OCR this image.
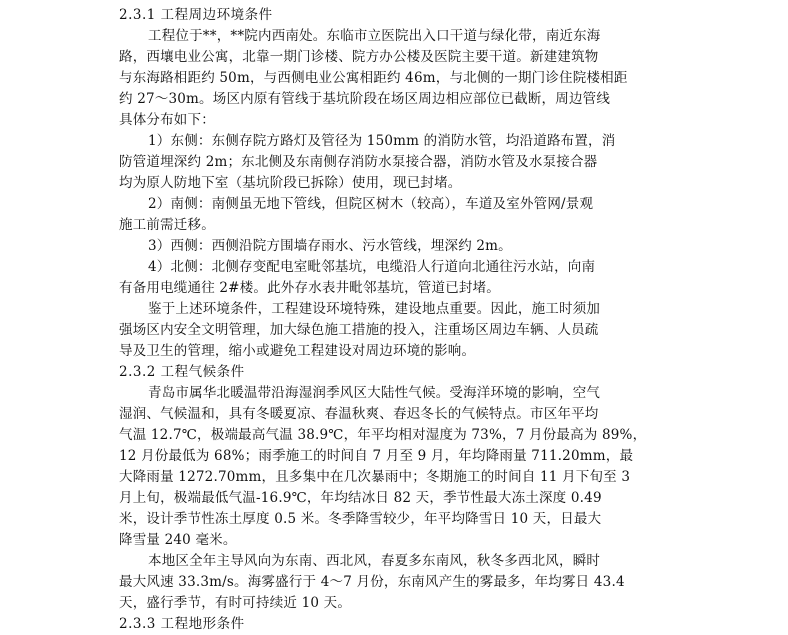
2.3.1 工程周边环境条件
工程位于**，**院内西南处。东临市立医院出入口干道与绿化带，南近东海
路，西壤电业公寓，北靠一期门诊楼、院方办公楼及医院主要干道。新建建筑物
与东海路相距约 50m，与西侧电业公寓相距约 46m，与北侧的一期门诊住院楼相距
约 27～30m。场区内原有管线于基坑阶段在场区周边相应部位已截断，周边管线
具体分布如下：
1）东侧：东侧存院方路灯及管径为 150mm 的消防水管，均沿道路布置，消
防管道埋深约 2m；东北侧及东南侧存消防水泵接合器，消防水管及水泵接合器
均为原人防地下室（基坑阶段已拆除）使用，现已封堵。
2）南侧：南侧虽无地下管线，但院区树木（较高），车道及室外管网/景观
施工前需迁移。
3）西侧：西侧沿院方围墙存雨水、污水管线，埋深约 2m。
4）北侧：北侧存变配电室毗邻基坑，电缆沿人行道向北通往污水站，向南
有备用电缆通往 2#楼。此外存水表井毗邻基坑，管道已封堵。
鉴于上述环境条件，工程建设环境特殊，建设地点重要。因此，施工时须加
强场区内安全文明管理，加大绿色施工措施的投入，注重场区周边车辆、人员疏
导及卫生的管理，缩小或避免工程建设对周边环境的影响。
2.3.2 工程气候条件
青岛市属华北暖温带沿海湿润季风区大陆性气候。受海洋环境的影响，空气
湿润、气候温和，具有冬暖夏凉、春温秋爽、春迟冬长的气候特点。市区年平均
气温 12.7℃，极端最高气温 38.9℃，年平均相对湿度为 73%，7 月份最高为 89%，
12 月份最低为 68%；雨季施工的时间自 7 月至 9 月，年均降雨量 711.20mm，最
大降雨量 1272.70mm，且多集中在几次暴雨中；冬期施工的时间自 11 月下旬至 3
月上旬，极端最低气温-16.9℃，年均结冰日 82 天，季节性最大冻土深度 0.49
米，设计季节性冻土厚度 0.5 米。冬季降雪较少，年平均降雪日 10 天，日最大
降雪量 240 毫米。
本地区全年主导风向为东南、西北风，春夏多东南风，秋冬多西北风，瞬时
最大风速 33.3m/s。海雾盛行于 4～7 月份，东南风产生的雾最多，年均雾日 43.4
天，盛行季节，有时可持续近 10 天。
2.3.3 工程地形条件
